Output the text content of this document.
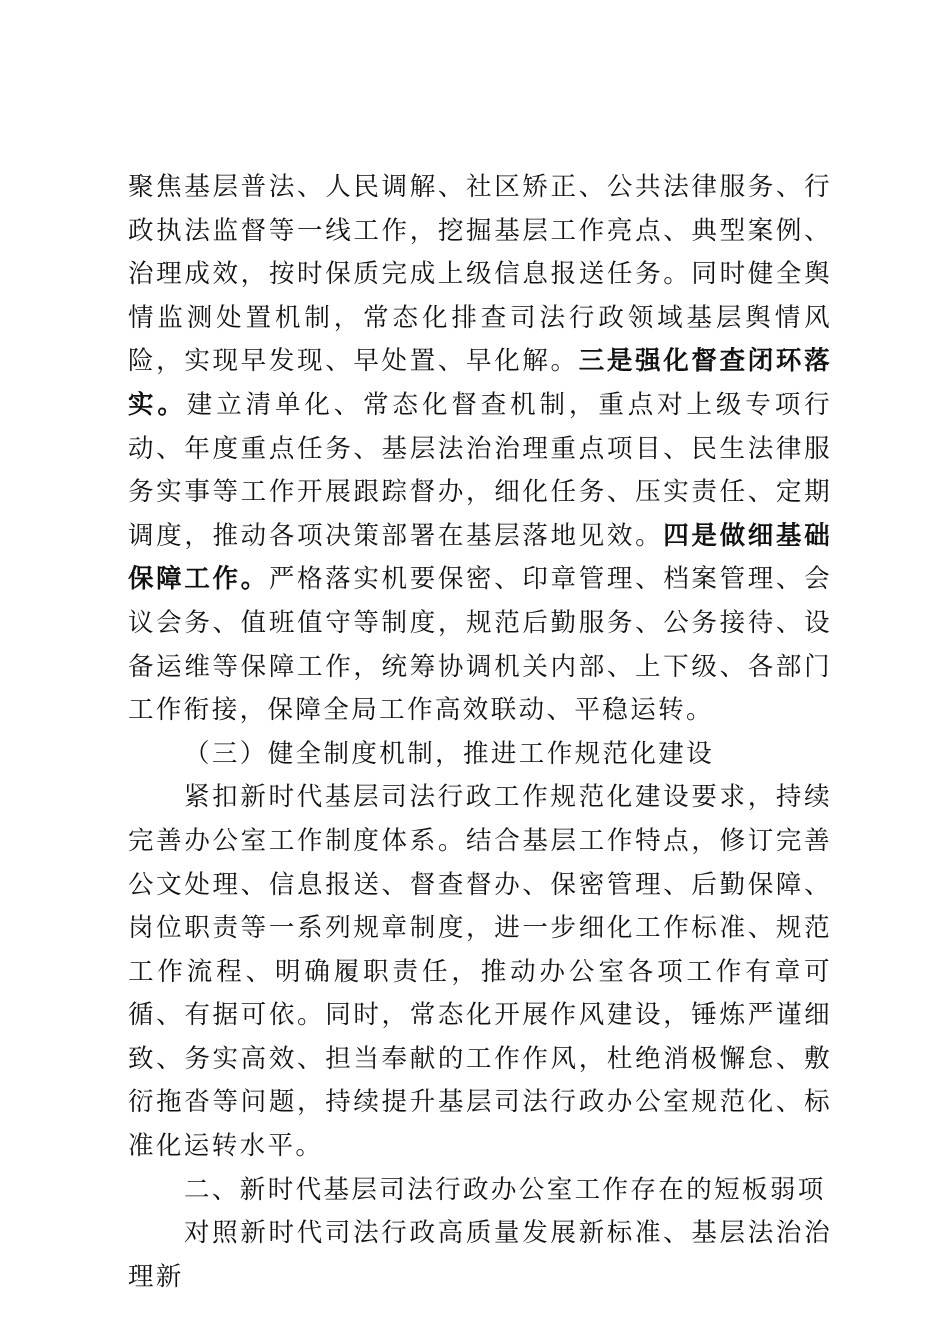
聚焦基层普法、人民调解、社区矫正、公共法律服务、行政执法监督等一线工作，挖掘基层工作亮点、典型案例、治理成效，按时保质完成上级信息报送任务。同时健全舆情监测处置机制，常态化排查司法行政领域基层舆情风险，实现早发现、早处置、早化解。三是强化督查闭环落实。建立清单化、常态化督查机制，重点对上级专项行动、年度重点任务、基层法治治理重点项目、民生法律服务实事等工作开展跟踪督办，细化任务、压实责任、定期调度，推动各项决策部署在基层落地见效。四是做细基础保障工作。严格落实机要保密、印章管理、档案管理、会议会务、值班值守等制度，规范后勤服务、公务接待、设备运维等保障工作，统筹协调机关内部、上下级、各部门工作衔接，保障全局工作高效联动、平稳运转。

（三）健全制度机制，推进工作规范化建设

紧扣新时代基层司法行政工作规范化建设要求，持续完善办公室工作制度体系。结合基层工作特点，修订完善公文处理、信息报送、督查督办、保密管理、后勤保障、岗位职责等一系列规章制度，进一步细化工作标准、规范工作流程、明确履职责任，推动办公室各项工作有章可循、有据可依。同时，常态化开展作风建设，锤炼严谨细致、务实高效、担当奉献的工作作风，杜绝消极懈怠、敷衍拖沓等问题，持续提升基层司法行政办公室规范化、标准化运转水平。

二、新时代基层司法行政办公室工作存在的短板弱项

对照新时代司法行政高质量发展新标准、基层法治治理新
